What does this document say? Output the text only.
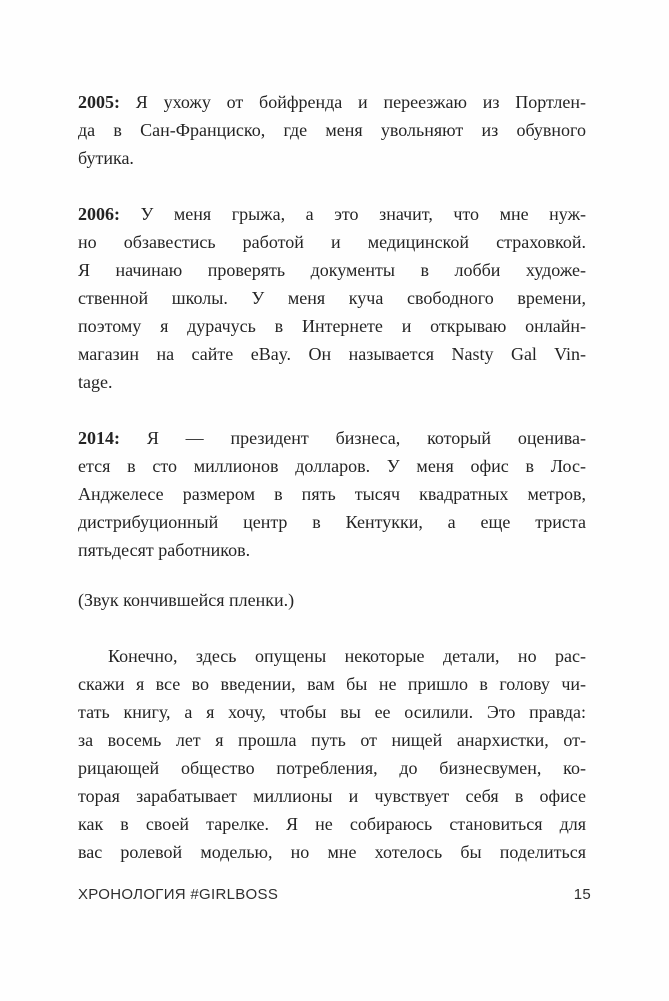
2005: Я ухожу от бойфренда и переезжаю из Портлен-
да в Сан-Франциско, где меня увольняют из обувного
бутика.
2006: У меня грыжа, а это значит, что мне нуж-
но обзавестись работой и медицинской страховкой.
Я начинаю проверять документы в лобби художе-
ственной школы. У меня куча свободного времени,
поэтому я дурачусь в Интернете и открываю онлайн-
магазин на сайте eBay. Он называется Nasty Gal Vin-
tage.
2014: Я — президент бизнеса, который оценива-
ется в сто миллионов долларов. У меня офис в Лос-
Анджелесе размером в пять тысяч квадратных метров,
дистрибуционный центр в Кентукки, а еще триста
пятьдесят работников.
(Звук кончившейся пленки.)
Конечно, здесь опущены некоторые детали, но рас-
скажи я все во введении, вам бы не пришло в голову чи-
тать книгу, а я хочу, чтобы вы ее осилили. Это правда:
за восемь лет я прошла путь от нищей анархистки, от-
рицающей общество потребления, до бизнесвумен, ко-
торая зарабатывает миллионы и чувствует себя в офисе
как в своей тарелке. Я не собираюсь становиться для
вас ролевой моделью, но мне хотелось бы поделиться
ХРОНОЛОГИЯ #GIRLBOSS	15
